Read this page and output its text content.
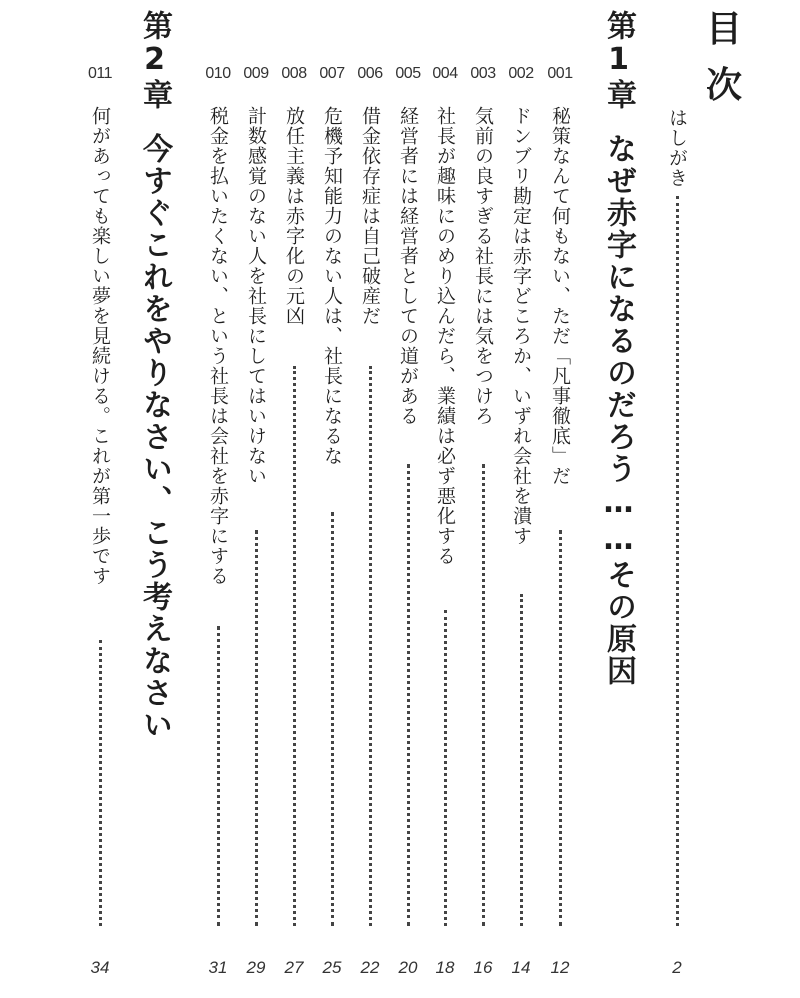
目
次
はしがき
2
第1章
なぜ赤字になるのだろう……その原因
001
秘策なんて何もない、ただ「凡事徹底」だ
12
002
ドンブリ勘定は赤字どころか、いずれ会社を潰す
14
003
気前の良すぎる社長には気をつけろ
16
004
社長が趣味にのめり込んだら、業績は必ず悪化する
18
005
経営者には経営者としての道がある
20
006
借金依存症は自己破産だ
22
007
危機予知能力のない人は、社長になるな
25
008
放任主義は赤字化の元凶
27
009
計数感覚のない人を社長にしてはいけない
29
010
税金を払いたくない、という社長は会社を赤字にする
31
第2章
今すぐこれをやりなさい、こう考えなさい
011
何があっても楽しい夢を見続ける。これが第一歩です
34
